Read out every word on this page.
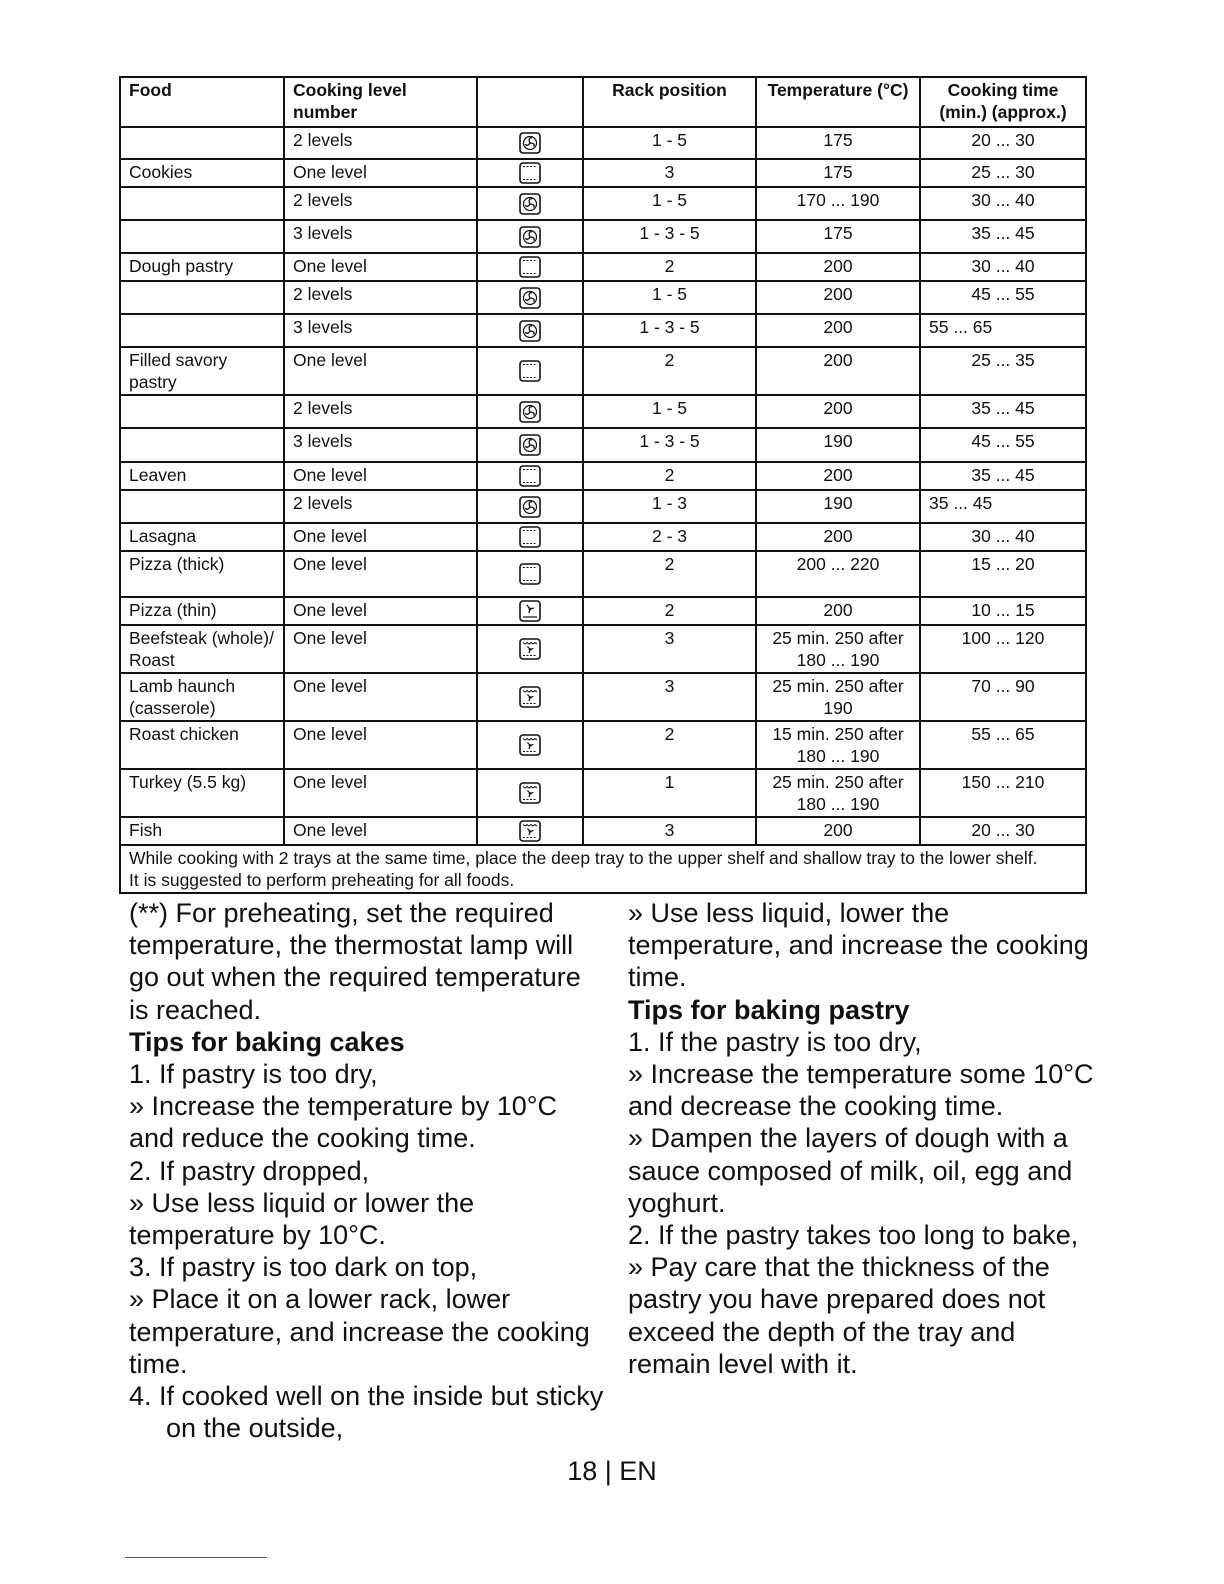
Food	Cooking level number		Rack position	Temperature (°C)	Cooking time (min.) (approx.)
	2 levels		1 - 5	175	20 ... 30
Cookies	One level		3	175	25 ... 30
	2 levels		1 - 5	170 ... 190	30 ... 40
	3 levels		1 - 3 - 5	175	35 ... 45
Dough pastry	One level		2	200	30 ... 40
	2 levels		1 - 5	200	45 ... 55
	3 levels		1 - 3 - 5	200	55 ... 65
Filled savory pastry	One level		2	200	25 ... 35
	2 levels		1 - 5	200	35 ... 45
	3 levels		1 - 3 - 5	190	45 ... 55
Leaven	One level		2	200	35 ... 45
	2 levels		1 - 3	190	35 ... 45
Lasagna	One level		2 - 3	200	30 ... 40
Pizza (thick)	One level		2	200 ... 220	15 ... 20
Pizza (thin)	One level		2	200	10 ... 15
Beefsteak (whole)/ Roast	One level		3	25 min. 250 after 180 ... 190	100 ... 120
Lamb haunch (casserole)	One level		3	25 min. 250 after 190	70 ... 90
Roast chicken	One level		2	15 min. 250 after 180 ... 190	55 ... 65
Turkey (5.5 kg)	One level		1	25 min. 250 after 180 ... 190	150 ... 210
Fish	One level		3	200	20 ... 30

While cooking with 2 trays at the same time, place the deep tray to the upper shelf and shallow tray to the lower shelf.
It is suggested to perform preheating for all foods.					

(**) For preheating, set the required temperature, the thermostat lamp will go out when the required temperature is reached.

Tips for baking cakes

1. If pastry is too dry,

» Increase the temperature by 10°C and reduce the cooking time.

2. If pastry dropped,

» Use less liquid or lower the temperature by 10°C.

3. If pastry is too dark on top,

» Place it on a lower rack, lower temperature, and increase the cooking time.

4. If cooked well on the inside but sticky on the outside,

» Use less liquid, lower the temperature, and increase the cooking time.

Tips for baking pastry

1. If the pastry is too dry,

» Increase the temperature some 10°C and decrease the cooking time.

» Dampen the layers of dough with a sauce composed of milk, oil, egg and yoghurt.

2. If the pastry takes too long to bake,

» Pay care that the thickness of the pastry you have prepared does not exceed the depth of the tray and remain level with it.

18 | EN
